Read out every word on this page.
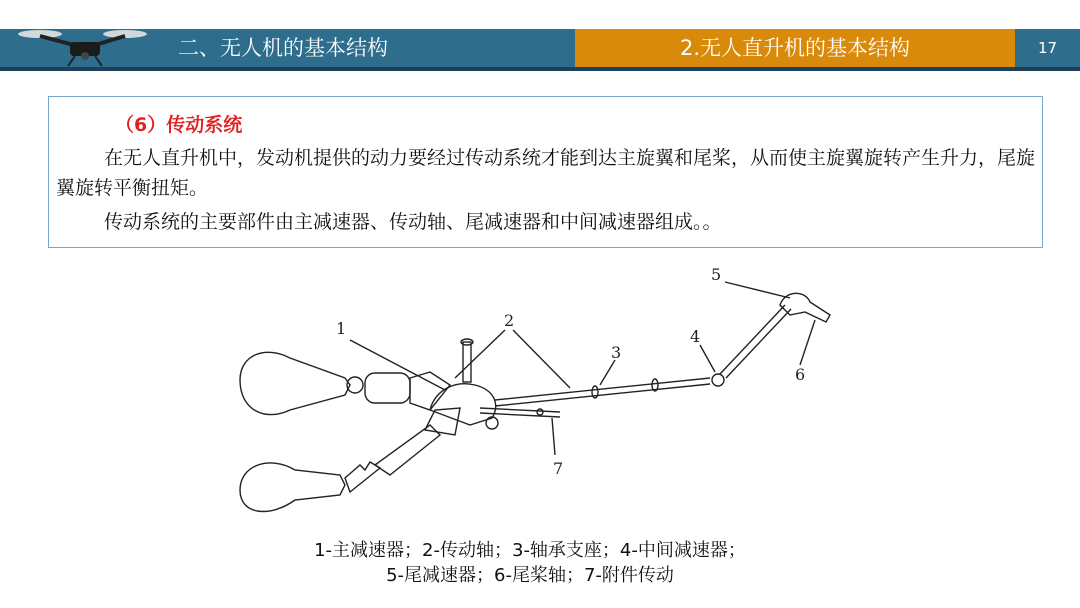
二、无人机的基本结构	2.无人直升机的基本结构	17
（6）传动系统
在无人直升机中，发动机提供的动力要经过传动系统才能到达主旋翼和尾桨，从而使主旋翼旋转产生升力，尾旋翼旋转平衡扭矩。
传动系统的主要部件由主减速器、传动轴、尾减速器和中间减速器组成。。
1	2
3
4
5
6
7
1-主减速器；2-传动轴；3-轴承支座；4-中间减速器；
5-尾减速器；6-尾桨轴；7-附件传动
